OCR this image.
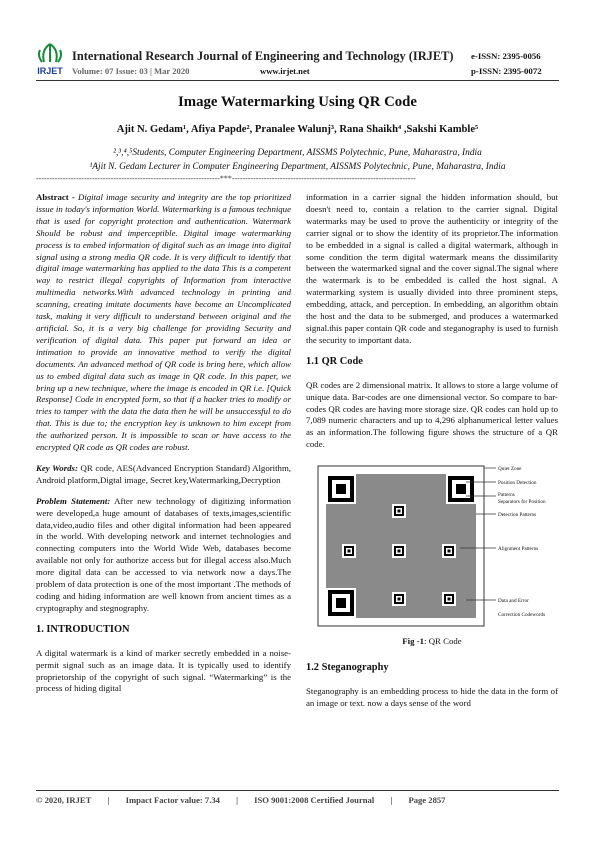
IRJET
International Research Journal of Engineering and Technology (IRJET)
Volume: 07 Issue: 03 | Mar 2020	www.irjet.net
e-ISSN: 2395-0056
p-ISSN: 2395-0072
Image Watermarking Using QR Code
Ajit N. Gedam¹, Afiya Papde², Pranalee Walunj³, Rana Shaikh⁴ ,Sakshi Kamble⁵
²,³,⁴,⁵Students, Computer Engineering Department, AISSMS Polytechnic, Pune, Maharastra, India
¹Ajit N. Gedam Lecturer in Computer Engineering Department, AISSMS Polytechnic, Pune, Maharastra, India
---------------------------------------------------------------------***---------------------------------------------------------------------

Abstract - Digital image security and integrity are the top prioritized issue in today's information World. Watermarking is a famous technique that is used for copyright protection and authentication. Watermark Should be robust and imperceptible. Digital image watermarking process is to embed information of digital such as an image into digital signal using a strong media QR code. It is very difficult to identify that digital image watermarking has applied to the data This is a competent way to restrict illegal copyrights of Information from interactive multimedia networks.With advanced technology in printing and scanning, creating imitate documents have become an Uncomplicated task, making it very difficult to understand between original and the artificial. So, it is a very big challenge for providing Security and verification of digital data. This paper put forward an idea or intimation to provide an innovative method to verify the digital documents. An advanced method of QR code is bring here, which allow us to embed digital data such as image in QR code. In this paper, we bring up a new technique, where the image is encoded in QR i.e. [Quick Response] Code in encrypted form, so that if a hacker tries to modify or tries to tamper with the data the data then he will be unsuccessful to do that. This is due to; the encryption key is unknown to him except from the authorized person. It is impossible to scan or have access to the encrypted QR code as QR codes are robust.

Key Words: QR code, AES(Advanced Encryption Standard) Algorithm, Android platform,Digtal image, Secret key,Watermarking,Decryption

Problem Statement: After new technology of digitizing information were developed,a huge amount of databases of texts,images,scientific data,video,audio files and other digital information had been appeared in the world. With developing network and internet technologies and connecting computers into the World Wide Web, databases become available not only for authorize access but for illegal access also.Much more digital data can be accessed to via network now a days.The problem of data protection is one of the most important .The methods of coding and hiding information are well known from ancient times as a cryptography and stegnography.

1. INTRODUCTION

A digital watermark is a kind of marker secretly embedded in a noise-permit signal such as an image data. It is typically used to identify proprietorship of the copyright of such signal. “Watermarking” is the process of hiding digital

information in a carrier signal the hidden information should, but doesn't need to, contain a relation to the carrier signal. Digital watermarks may be used to prove the authenticity or integrity of the carrier signal or to show the identity of its proprietor.The information to be embedded in a signal is called a digital watermark, although in some condition the term digital watermark means the dissimilarity between the watermarked signal and the cover signal.The signal where the watermark is to be embedded is called the host signal. A watermarking system is usually divided into three prominent steps, embedding, attack, and perception. In embedding, an algorithm obtain the host and the data to be submerged, and produces a watermarked signal.this paper contain QR code and steganography is used to furnish the security to important data.

1.1 QR Code

QR codes are 2 dimensional matrix. It allows to store a large volume of unique data. Bar-codes are one dimensional vector. So compare to bar-codes QR codes are having more storage size. QR codes can hold up to 7,089 numeric characters and up to 4,296 alphanumerical letter values as an information.The following figure shows the structure of a QR code.

Quiet Zone
Position Detection
Patterns
Separators for Position
Detection Patterns
Alignment Patterns
Data and Error
Correction Codewords
Fig -1: QR Code
1.2 Steganography

Steganography is an embedding process to hide the data in the form of an image or text. now a days sense of the word

© 2020, IRJET | Impact Factor value: 7.34 | ISO 9001:2008 Certified Journal | Page 2857
